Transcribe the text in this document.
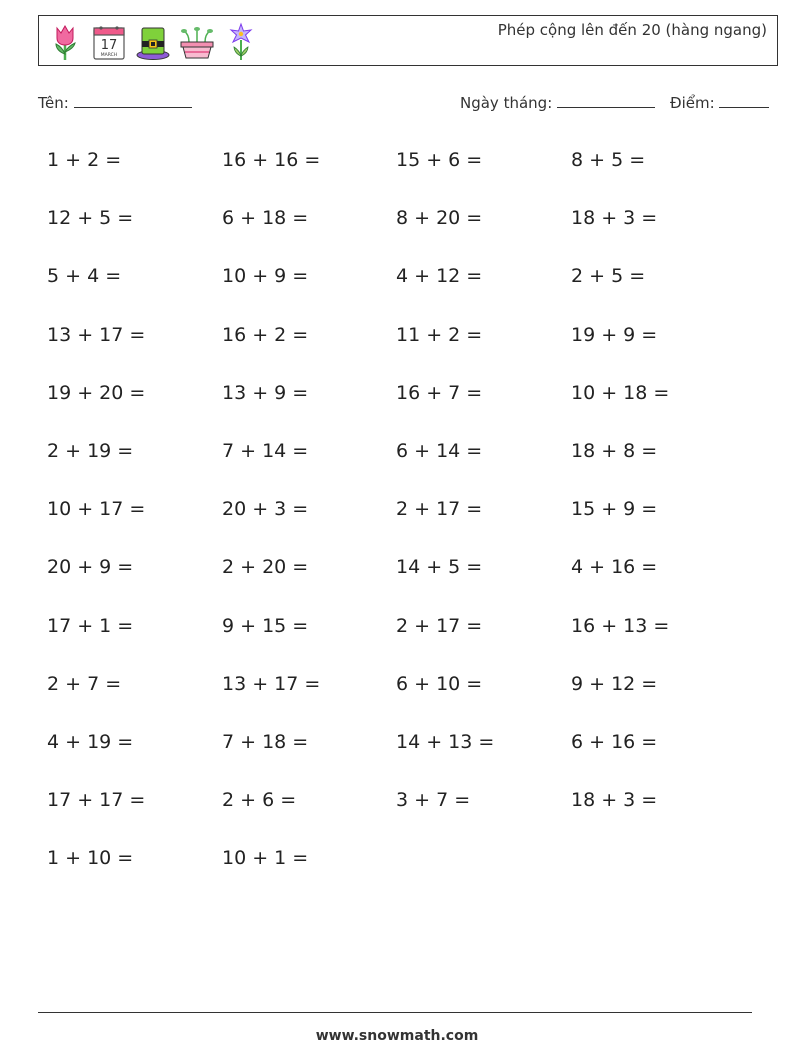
17
MARCH
Phép cộng lên đến 20 (hàng ngang)
Tên:	Ngày tháng:	Điểm:
1 + 2 =	16 + 16 =	15 + 6 =	8 + 5 =
12 + 5 =	6 + 18 =	8 + 20 =	18 + 3 =
5 + 4 =	10 + 9 =	4 + 12 =	2 + 5 =
13 + 17 =	16 + 2 =	11 + 2 =	19 + 9 =
19 + 20 =	13 + 9 =	16 + 7 =	10 + 18 =
2 + 19 =	7 + 14 =	6 + 14 =	18 + 8 =
10 + 17 =	20 + 3 =	2 + 17 =	15 + 9 =
20 + 9 =	2 + 20 =	14 + 5 =	4 + 16 =
17 + 1 =	9 + 15 =	2 + 17 =	16 + 13 =
2 + 7 =	13 + 17 =	6 + 10 =	9 + 12 =
4 + 19 =	7 + 18 =	14 + 13 =	6 + 16 =
17 + 17 =	2 + 6 =	3 + 7 =	18 + 3 =
1 + 10 =	10 + 1 =
www.snowmath.com
